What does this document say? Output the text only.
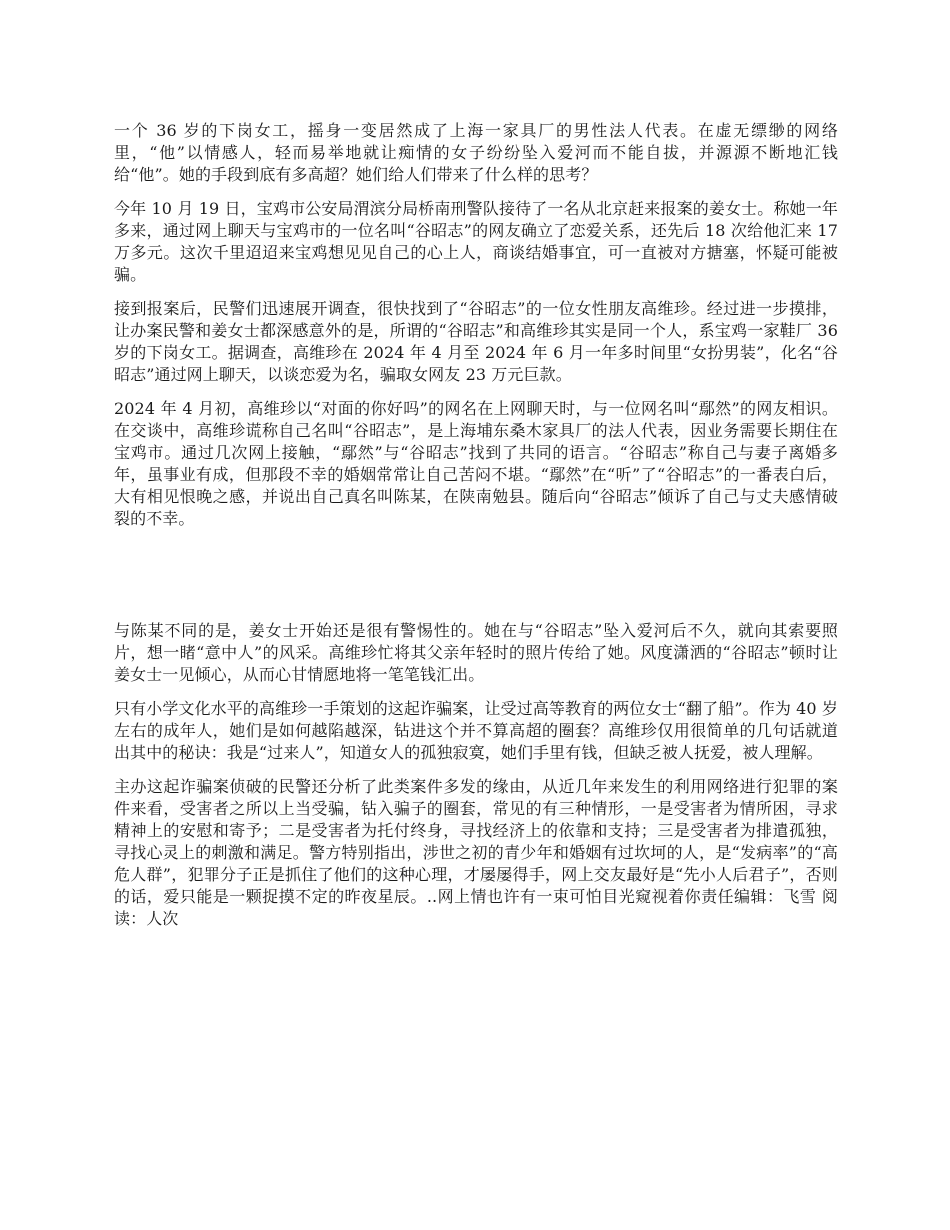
一个 36 岁的下岗女工，摇身一变居然成了上海一家具厂的男性法人代表。在虚无缥缈的网络里，“他”以情感人，轻而易举地就让痴情的女子纷纷坠入爱河而不能自拔，并源源不断地汇钱给“他”。她的手段到底有多高超？她们给人们带来了什么样的思考？

今年 10 月 19 日，宝鸡市公安局渭滨分局桥南刑警队接待了一名从北京赶来报案的姜女士。称她一年多来，通过网上聊天与宝鸡市的一位名叫“谷昭志”的网友确立了恋爱关系，还先后 18 次给他汇来 17 万多元。这次千里迢迢来宝鸡想见见自己的心上人，商谈结婚事宜，可一直被对方搪塞，怀疑可能被骗。

接到报案后，民警们迅速展开调查，很快找到了“谷昭志”的一位女性朋友高维珍。经过进一步摸排，让办案民警和姜女士都深感意外的是，所谓的“谷昭志”和高维珍其实是同一个人，系宝鸡一家鞋厂 36 岁的下岗女工。据调查，高维珍在 2024 年 4 月至 2024 年 6 月一年多时间里“女扮男装”，化名“谷昭志”通过网上聊天，以谈恋爱为名，骗取女网友 23 万元巨款。

2024 年 4 月初，高维珍以“对面的你好吗”的网名在上网聊天时，与一位网名叫“鄢然”的网友相识。在交谈中，高维珍谎称自己名叫“谷昭志”，是上海埔东桑木家具厂的法人代表，因业务需要长期住在宝鸡市。通过几次网上接触，“鄢然”与“谷昭志”找到了共同的语言。“谷昭志”称自己与妻子离婚多年，虽事业有成，但那段不幸的婚姻常常让自己苦闷不堪。“鄢然”在“听”了“谷昭志”的一番表白后，大有相见恨晚之感，并说出自己真名叫陈某，在陕南勉县。随后向“谷昭志”倾诉了自己与丈夫感情破裂的不幸。

与陈某不同的是，姜女士开始还是很有警惕性的。她在与“谷昭志”坠入爱河后不久，就向其索要照片，想一睹“意中人”的风采。高维珍忙将其父亲年轻时的照片传给了她。风度潇洒的“谷昭志”顿时让姜女士一见倾心，从而心甘情愿地将一笔笔钱汇出。

只有小学文化水平的高维珍一手策划的这起诈骗案，让受过高等教育的两位女士“翻了船”。作为 40 岁左右的成年人，她们是如何越陷越深，钻进这个并不算高超的圈套？高维珍仅用很简单的几句话就道出其中的秘诀：我是“过来人”，知道女人的孤独寂寞，她们手里有钱，但缺乏被人抚爱，被人理解。

主办这起诈骗案侦破的民警还分析了此类案件多发的缘由，从近几年来发生的利用网络进行犯罪的案件来看，受害者之所以上当受骗，钻入骗子的圈套，常见的有三种情形，一是受害者为情所困，寻求精神上的安慰和寄予；二是受害者为托付终身，寻找经济上的依靠和支持；三是受害者为排遣孤独，寻找心灵上的刺激和满足。警方特别指出，涉世之初的青少年和婚姻有过坎坷的人，是“发病率”的“高危人群”，犯罪分子正是抓住了他们的这种心理，才屡屡得手，网上交友最好是“先小人后君子”，否则的话，爱只能是一颗捉摸不定的昨夜星辰。..网上情也许有一束可怕目光窥视着你责任编辑：飞雪 阅读：人次
